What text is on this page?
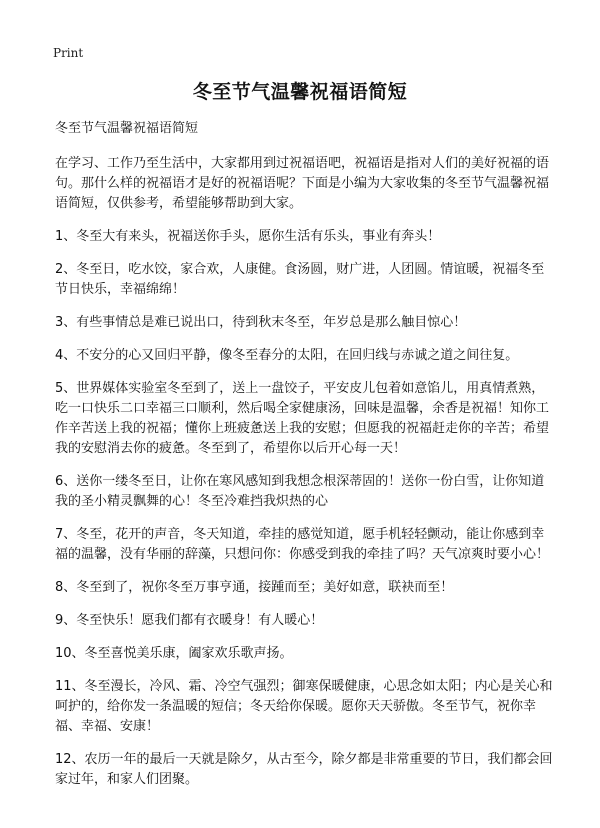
Print
冬至节气温馨祝福语简短

冬至节气温馨祝福语简短

在学习、工作乃至生活中，大家都用到过祝福语吧，祝福语是指对人们的美好祝福的语句。那什么样的祝福语才是好的祝福语呢？下面是小编为大家收集的冬至节气温馨祝福语简短，仅供参考，希望能够帮助到大家。

1、冬至大有来头，祝福送你手头，愿你生活有乐头，事业有奔头！

2、冬至日，吃水饺，家合欢，人康健。食汤圆，财广进，人团圆。情谊暖，祝福冬至节日快乐，幸福绵绵！

3、有些事情总是难已说出口，待到秋末冬至，年岁总是那么触目惊心！

4、不安分的心又回归平静，像冬至春分的太阳，在回归线与赤诚之道之间往复。

5、世界媒体实验室冬至到了，送上一盘饺子，平安皮儿包着如意馅儿，用真情煮熟，吃一口快乐二口幸福三口顺利，然后喝全家健康汤，回味是温馨，余香是祝福！知你工作辛苦送上我的祝福；懂你上班疲惫送上我的安慰；但愿我的祝福赶走你的辛苦；希望我的安慰消去你的疲惫。冬至到了，希望你以后开心每一天！

6、送你一缕冬至日，让你在寒风感知到我想念根深蒂固的！送你一份白雪，让你知道我的圣小精灵飘舞的心！冬至冷难挡我炽热的心

7、冬至，花开的声音，冬天知道，牵挂的感觉知道，愿手机轻轻颤动，能让你感到幸福的温馨，没有华丽的辞藻，只想问你：你感受到我的牵挂了吗？天气凉爽时要小心！

8、冬至到了，祝你冬至万事亨通，接踵而至；美好如意，联袂而至！

9、冬至快乐！愿我们都有衣暖身！有人暖心！

10、冬至喜悦美乐康，阖家欢乐歌声扬。

11、冬至漫长，冷风、霜、冷空气强烈；御寒保暖健康，心思念如太阳；内心是关心和呵护的，给你发一条温暖的短信；冬天给你保暖。愿你天天骄傲。冬至节气，祝你幸福、幸福、安康！

12、农历一年的最后一天就是除夕，从古至今，除夕都是非常重要的节日，我们都会回家过年，和家人们团聚。
